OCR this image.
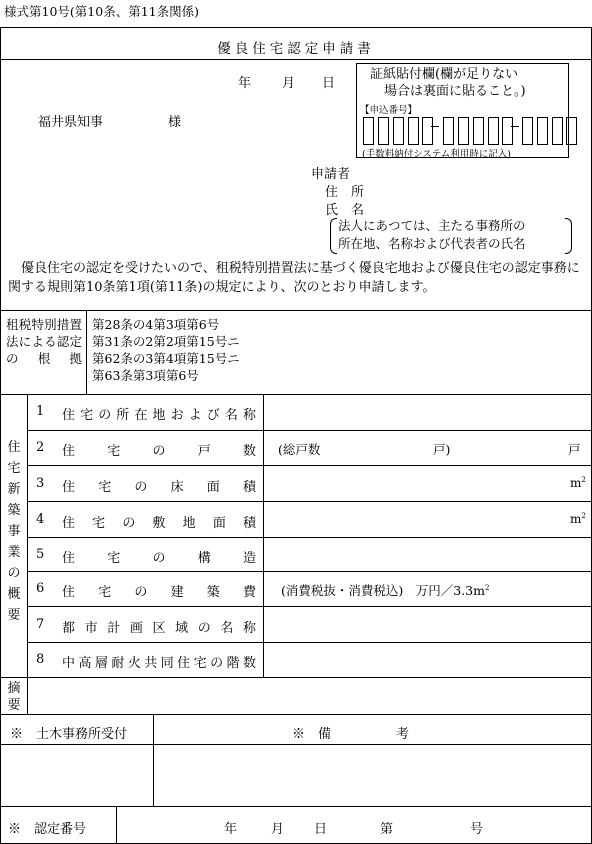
様式第10号(第10条、第11条関係)
優良住宅認定申請書
年 月 日
証紙貼付欄(欄が足りない
場合は裏面に貼ること。)
【申込番号】
(手数料納付システム利用時に記入)
福井県知事	様
申請者
住　所
氏　名
法人にあつては、主たる事務所の
所在地、名称および代表者の氏名
優良住宅の認定を受けたいので、租税特別措置法に基づく優良宅地および優良住宅の認定事務に関する規則第10条第1項(第11条)の規定により、次のとおり申請します。
租税特別措置法による認定の根拠
第28条の4第3項第6号
第31条の2第2項第15号ニ
第62条の3第4項第15号ニ
第63条第3項第6号
住
宅
新
築
事
業
の
概
要
1 住宅の所在地および名称
2 住宅の戸数 (総戸数	戸)	戸
3 住宅の床面積	$m^2$
4 住宅の敷地面積	$m^2$
5 住宅の構造
6 住宅の建築費 (消費税抜・消費税込)　万円$/3.3m^2$
7 都市計画区域の名称
8 中高層耐火共同住宅の階数
摘
要
※　土木事務所受付	※　備　　　　　考
※　認定番号	年	月 日	第	号
